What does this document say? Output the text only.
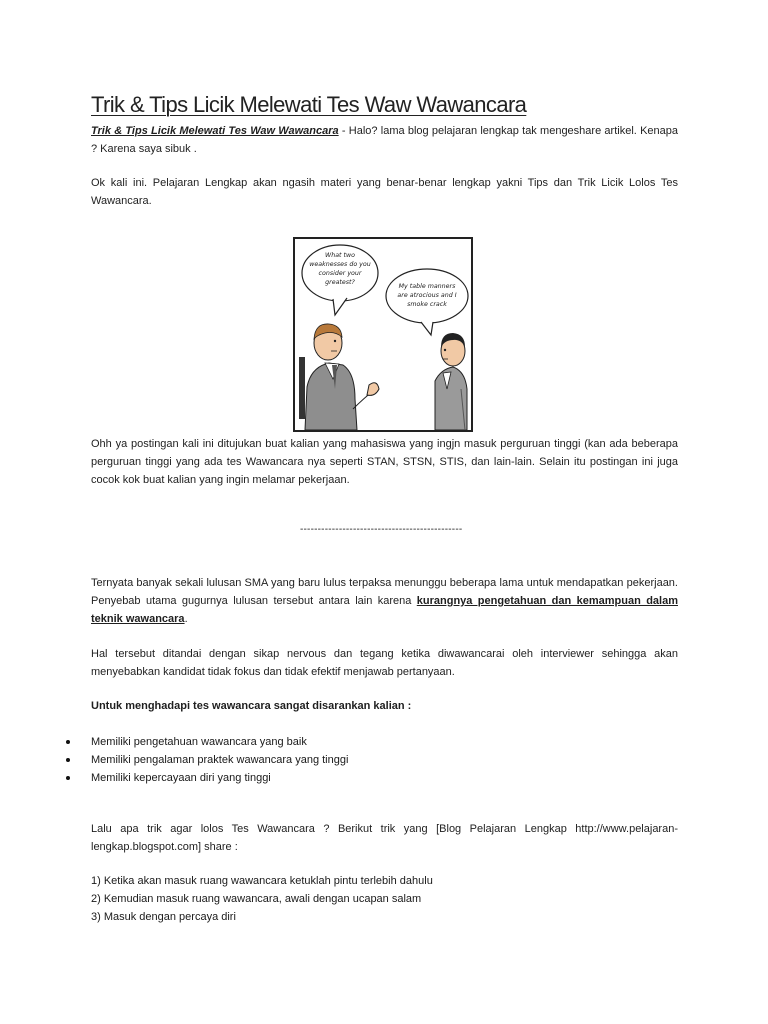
Trik & Tips Licik Melewati Tes Waw Wawancara

Trik & Tips Licik Melewati Tes Waw Wawancara - Halo? lama blog pelajaran lengkap tak mengeshare artikel. Kenapa ? Karena saya sibuk .

Ok kali ini. Pelajaran Lengkap akan ngasih materi yang benar-benar lengkap yakni Tips dan Trik Licik Lolos Tes Wawancara.

What two
weaknesses do you
consider your
greatest?
My table manners
are atrocious and I
smoke crack

Ohh ya postingan kali ini ditujukan buat kalian yang mahasiswa yang ingjn masuk perguruan tinggi (kan ada beberapa perguruan tinggi yang ada tes Wawancara nya seperti STAN, STSN, STIS, dan lain-lain. Selain itu postingan ini juga cocok kok buat kalian yang ingin melamar pekerjaan.

----------------------------------------------

Ternyata banyak sekali lulusan SMA yang baru lulus terpaksa menunggu beberapa lama untuk mendapatkan pekerjaan. Penyebab utama gugurnya lulusan tersebut antara lain karena kurangnya pengetahuan dan kemampuan dalam teknik wawancara.

Hal tersebut ditandai dengan sikap nervous dan tegang ketika diwawancarai oleh interviewer sehingga akan menyebabkan kandidat tidak fokus dan tidak efektif menjawab pertanyaan.

Untuk menghadapi tes wawancara sangat disarankan kalian :

Memiliki pengetahuan wawancara yang baik
Memiliki pengalaman praktek wawancara yang tinggi
Memiliki kepercayaan diri yang tinggi

Lalu apa trik agar lolos Tes Wawancara ? Berikut trik yang [Blog Pelajaran Lengkap http://www.pelajaran-lengkap.blogspot.com] share :

1) Ketika akan masuk ruang wawancara ketuklah pintu terlebih dahulu
2) Kemudian masuk ruang wawancara, awali dengan ucapan salam
3) Masuk dengan percaya diri
